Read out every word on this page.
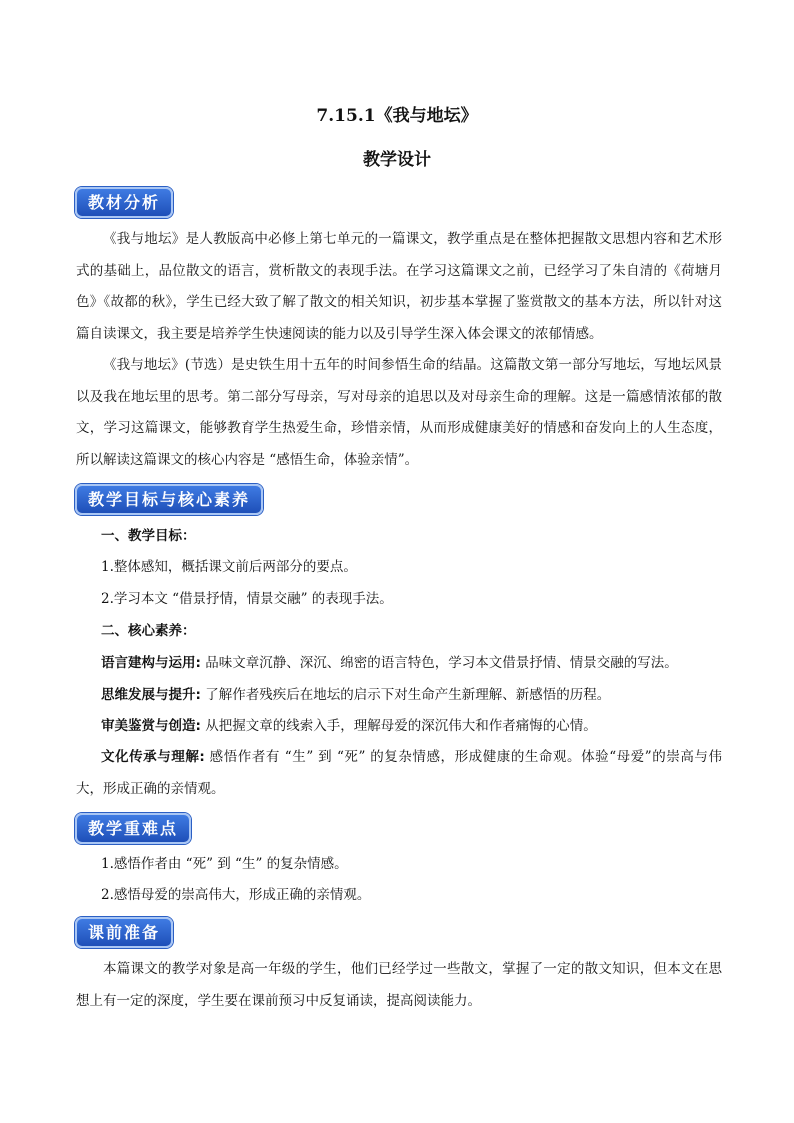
7.15.1《我与地坛》
教学设计
教材分析

《我与地坛》是人教版高中必修上第七单元的一篇课文，教学重点是在整体把握散文思想内容和艺术形式的基础上，品位散文的语言，赏析散文的表现手法。在学习这篇课文之前，已经学习了朱自清的《荷塘月色》《故都的秋》，学生已经大致了解了散文的相关知识，初步基本掌握了鉴赏散文的基本方法，所以针对这篇自读课文，我主要是培养学生快速阅读的能力以及引导学生深入体会课文的浓郁情感。

《我与地坛》(节选）是史铁生用十五年的时间参悟生命的结晶。这篇散文第一部分写地坛，写地坛风景以及我在地坛里的思考。第二部分写母亲，写对母亲的追思以及对母亲生命的理解。这是一篇感情浓郁的散文，学习这篇课文，能够教育学生热爱生命，珍惜亲情，从而形成健康美好的情感和奋发向上的人生态度，所以解读这篇课文的核心内容是 “感悟生命，体验亲情”。

教学目标与核心素养

一、教学目标：

1.整体感知，概括课文前后两部分的要点。

2.学习本文 “借景抒情，情景交融” 的表现手法。

二、核心素养：

语言建构与运用: 品味文章沉静、深沉、绵密的语言特色，学习本文借景抒情、情景交融的写法。

思维发展与提升: 了解作者残疾后在地坛的启示下对生命产生新理解、新感悟的历程。

审美鉴赏与创造: 从把握文章的线索入手，理解母爱的深沉伟大和作者痛悔的心情。

文化传承与理解: 感悟作者有 “生” 到 “死” 的复杂情感，形成健康的生命观。体验“母爱”的崇高与伟大，形成正确的亲情观。

教学重难点

1.感悟作者由 “死” 到 “生” 的复杂情感。

2.感悟母爱的崇高伟大，形成正确的亲情观。

课前准备

本篇课文的教学对象是高一年级的学生，他们已经学过一些散文，掌握了一定的散文知识，但本文在思想上有一定的深度，学生要在课前预习中反复诵读，提高阅读能力。
